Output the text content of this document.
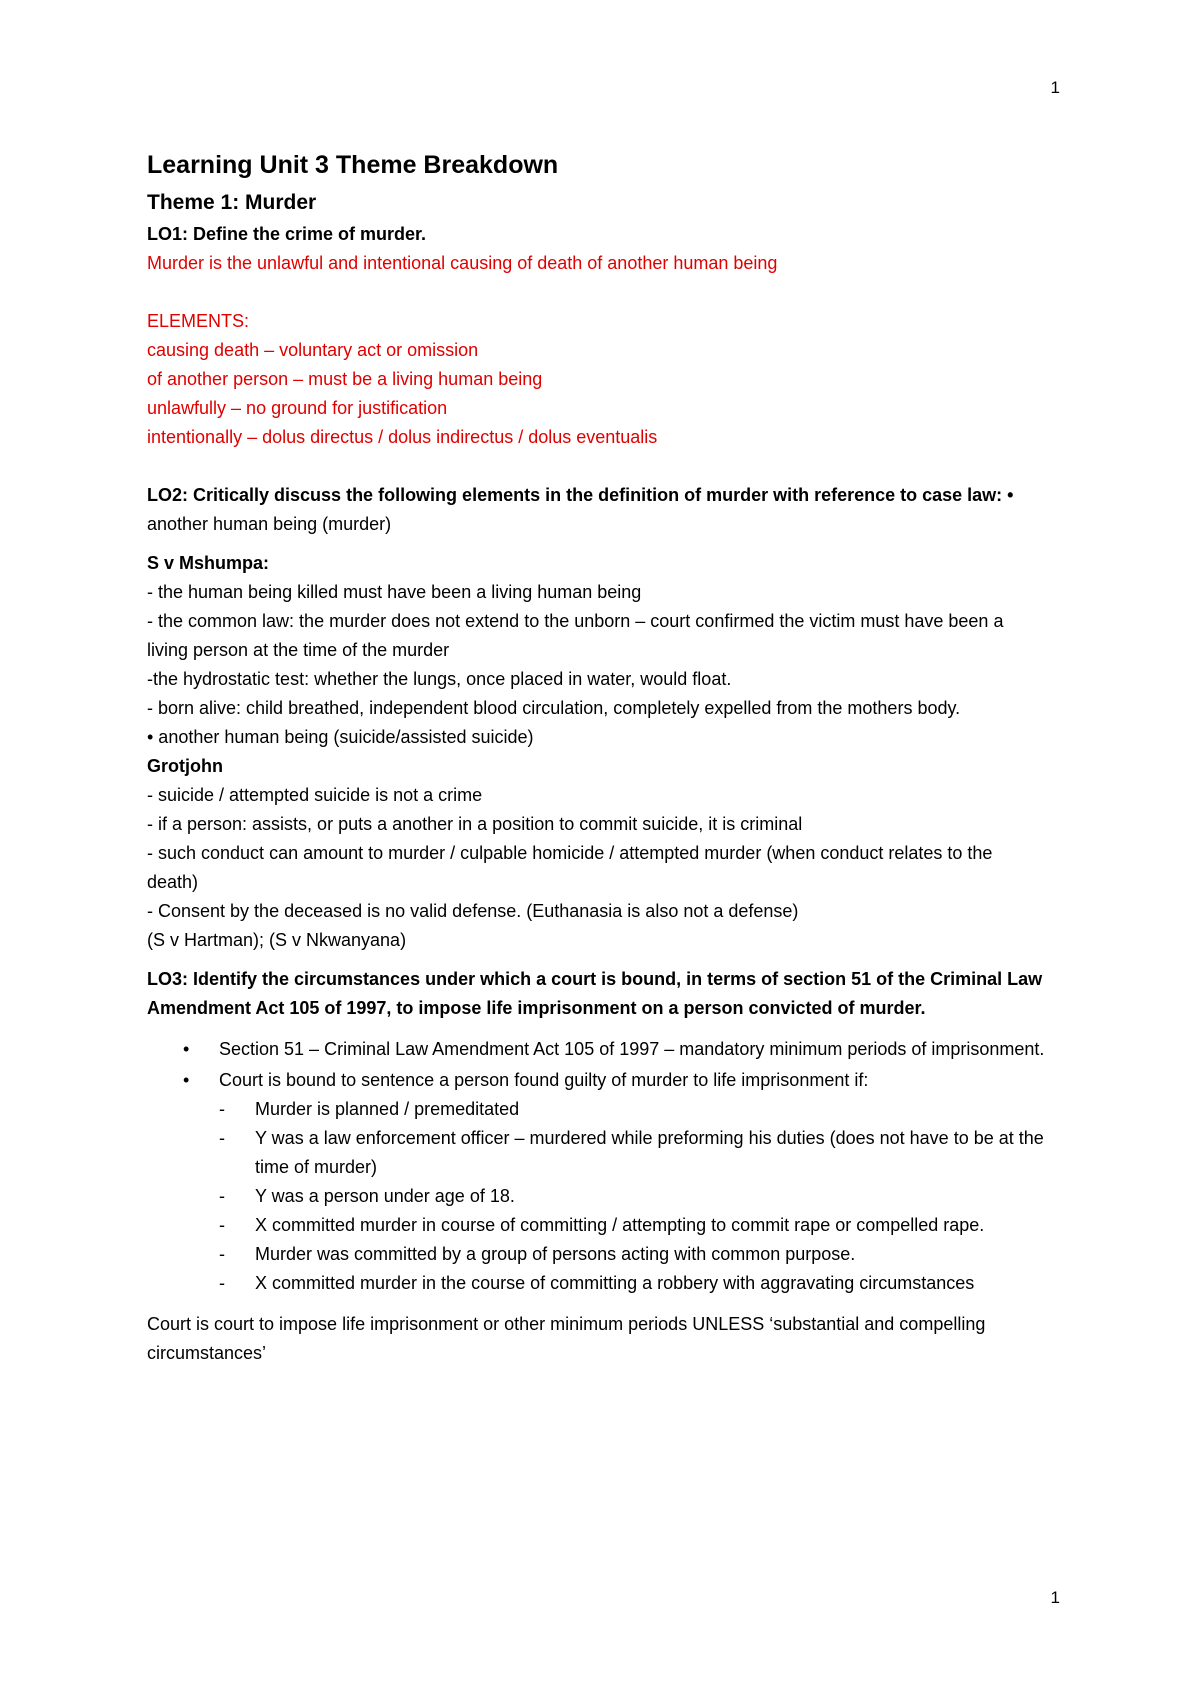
1
Learning Unit 3 Theme Breakdown
Theme 1: Murder

LO1: Define the crime of murder.

Murder is the unlawful and intentional causing of death of another human being

ELEMENTS:

causing death – voluntary act or omission

of another person – must be a living human being

unlawfully – no ground for justification

intentionally – dolus directus / dolus indirectus / dolus eventualis

LO2: Critically discuss the following elements in the definition of murder with reference to case law: • another human being (murder)

S v Mshumpa:

- the human being killed must have been a living human being

- the common law: the murder does not extend to the unborn – court confirmed the victim must have been a living person at the time of the murder

-the hydrostatic test: whether the lungs, once placed in water, would float.

- born alive: child breathed, independent blood circulation, completely expelled from the mothers body.

• another human being (suicide/assisted suicide)

Grotjohn

- suicide / attempted suicide is not a crime

- if a person: assists, or puts a another in a position to commit suicide, it is criminal

- such conduct can amount to murder / culpable homicide / attempted murder (when conduct relates to the death)

- Consent by the deceased is no valid defense. (Euthanasia is also not a defense)

(S v Hartman); (S v Nkwanyana)

LO3: Identify the circumstances under which a court is bound, in terms of section 51 of the Criminal Law Amendment Act 105 of 1997, to impose life imprisonment on a person convicted of murder.

• Section 51 – Criminal Law Amendment Act 105 of 1997 – mandatory minimum periods of imprisonment.
• Court is bound to sentence a person found guilty of murder to life imprisonment if:
- Murder is planned / premeditated
- Y was a law enforcement officer – murdered while preforming his duties (does not have to be at the time of murder)
- Y was a person under age of 18.
- X committed murder in course of committing / attempting to commit rape or compelled rape.
- Murder was committed by a group of persons acting with common purpose.
- X committed murder in the course of committing a robbery with aggravating circumstances

Court is court to impose life imprisonment or other minimum periods UNLESS ‘substantial and compelling circumstances’

1
